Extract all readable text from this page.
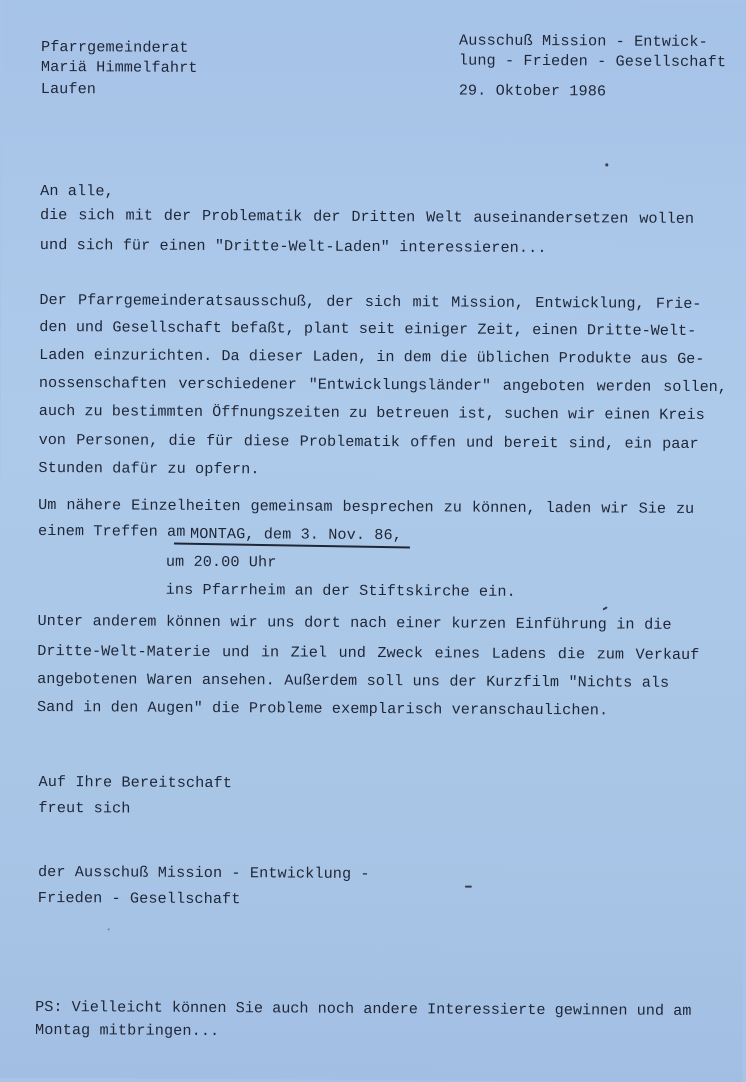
Pfarrgemeinderat
Mariä Himmelfahrt
Laufen
Ausschuß Mission - Entwick-
lung - Frieden - Gesellschaft
29. Oktober 1986
An alle,
die sich mit der Problematik der Dritten Welt auseinandersetzen wollen
und sich für einen "Dritte-Welt-Laden" interessieren...
Der Pfarrgemeinderatsausschuß, der sich mit Mission, Entwicklung, Frie-
den und Gesellschaft befaßt, plant seit einiger Zeit, einen Dritte-Welt-
Laden einzurichten. Da dieser Laden, in dem die üblichen Produkte aus Ge-
nossenschaften verschiedener "Entwicklungsländer" angeboten werden sollen,
auch zu bestimmten Öffnungszeiten zu betreuen ist, suchen wir einen Kreis
von Personen, die für diese Problematik offen und bereit sind, ein paar
Stunden dafür zu opfern.
Um nähere Einzelheiten gemeinsam besprechen zu können, laden wir Sie zu
einem Treffen am MONTAG, dem 3. Nov. 86,
um 20.00 Uhr
ins Pfarrheim an der Stiftskirche ein.
Unter anderem können wir uns dort nach einer kurzen Einführung in die
Dritte-Welt-Materie und in Ziel und Zweck eines Ladens die zum Verkauf
angebotenen Waren ansehen. Außerdem soll uns der Kurzfilm "Nichts als
Sand in den Augen" die Probleme exemplarisch veranschaulichen.
Auf Ihre Bereitschaft
freut sich
der Ausschuß Mission - Entwicklung -
Frieden - Gesellschaft
PS: Vielleicht können Sie auch noch andere Interessierte gewinnen und am
Montag mitbringen...
